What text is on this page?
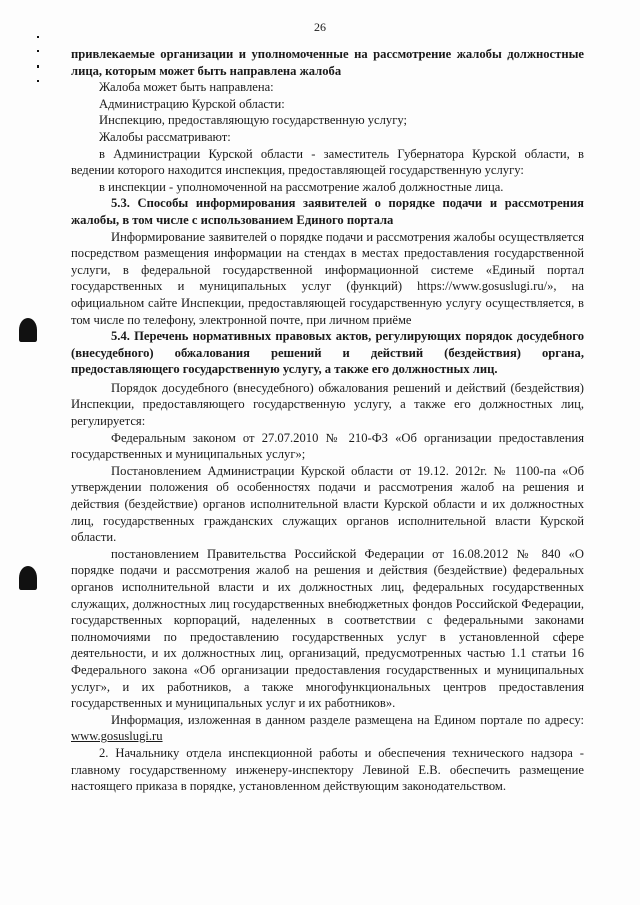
26

привлекаемые организации и уполномоченные на рассмотрение жалобы должностные лица, которым может быть направлена жалоба

Жалоба может быть направлена:

Администрацию Курской области:

Инспекцию, предоставляющую государственную услугу;

Жалобы рассматривают:

в Администрации Курской области - заместитель Губернатора Курской области, в ведении которого находится инспекция, предоставляющей государственную услугу:

в инспекции - уполномоченной на рассмотрение жалоб должностные лица.

5.3. Способы информирования заявителей о порядке подачи и рассмотрения жалобы, в том числе с использованием Единого портала

Информирование заявителей о порядке подачи и рассмотрения жалобы осуществляется посредством размещения информации на стендах в местах предоставления государственной услуги, в федеральной государственной информационной системе «Единый портал государственных и муниципальных услуг (функций) https://www.gosuslugi.ru/», на официальном сайте Инспекции, предоставляющей государственную услугу осуществляется, в том числе по телефону, электронной почте, при личном приёме

5.4. Перечень нормативных правовых актов, регулирующих порядок досудебного (внесудебного) обжалования решений и действий (бездействия) органа, предоставляющего государственную услугу, а также его должностных лиц.

Порядок досудебного (внесудебного) обжалования решений и действий (бездействия) Инспекции, предоставляющего государственную услугу, а также его должностных лиц, регулируется:

Федеральным законом от 27.07.2010 № 210-ФЗ «Об организации предоставления государственных и муниципальных услуг»;

Постановлением Администрации Курской области от 19.12. 2012г. № 1100-па «Об утверждении положения об особенностях подачи и рассмотрения жалоб на решения и действия (бездействие) органов исполнительной власти Курской области и их должностных лиц, государственных гражданских служащих органов исполнительной власти Курской области.

постановлением Правительства Российской Федерации от 16.08.2012 № 840 «О порядке подачи и рассмотрения жалоб на решения и действия (бездействие) федеральных органов исполнительной власти и их должностных лиц, федеральных государственных служащих, должностных лиц государственных внебюджетных фондов Российской Федерации, государственных корпораций, наделенных в соответствии с федеральными законами полномочиями по предоставлению государственных услуг в установленной сфере деятельности, и их должностных лиц, организаций, предусмотренных частью 1.1 статьи 16 Федерального закона «Об организации предоставления государственных и муниципальных услуг», и их работников, а также многофункциональных центров предоставления государственных и муниципальных услуг и их работников».

Информация, изложенная в данном разделе размещена на Едином портале по адресу: www.gosuslugi.ru

2. Начальнику отдела инспекционной работы и обеспечения технического надзора - главному государственному инженеру-инспектору Левиной Е.В. обеспечить размещение настоящего приказа в порядке, установленном действующим законодательством.
